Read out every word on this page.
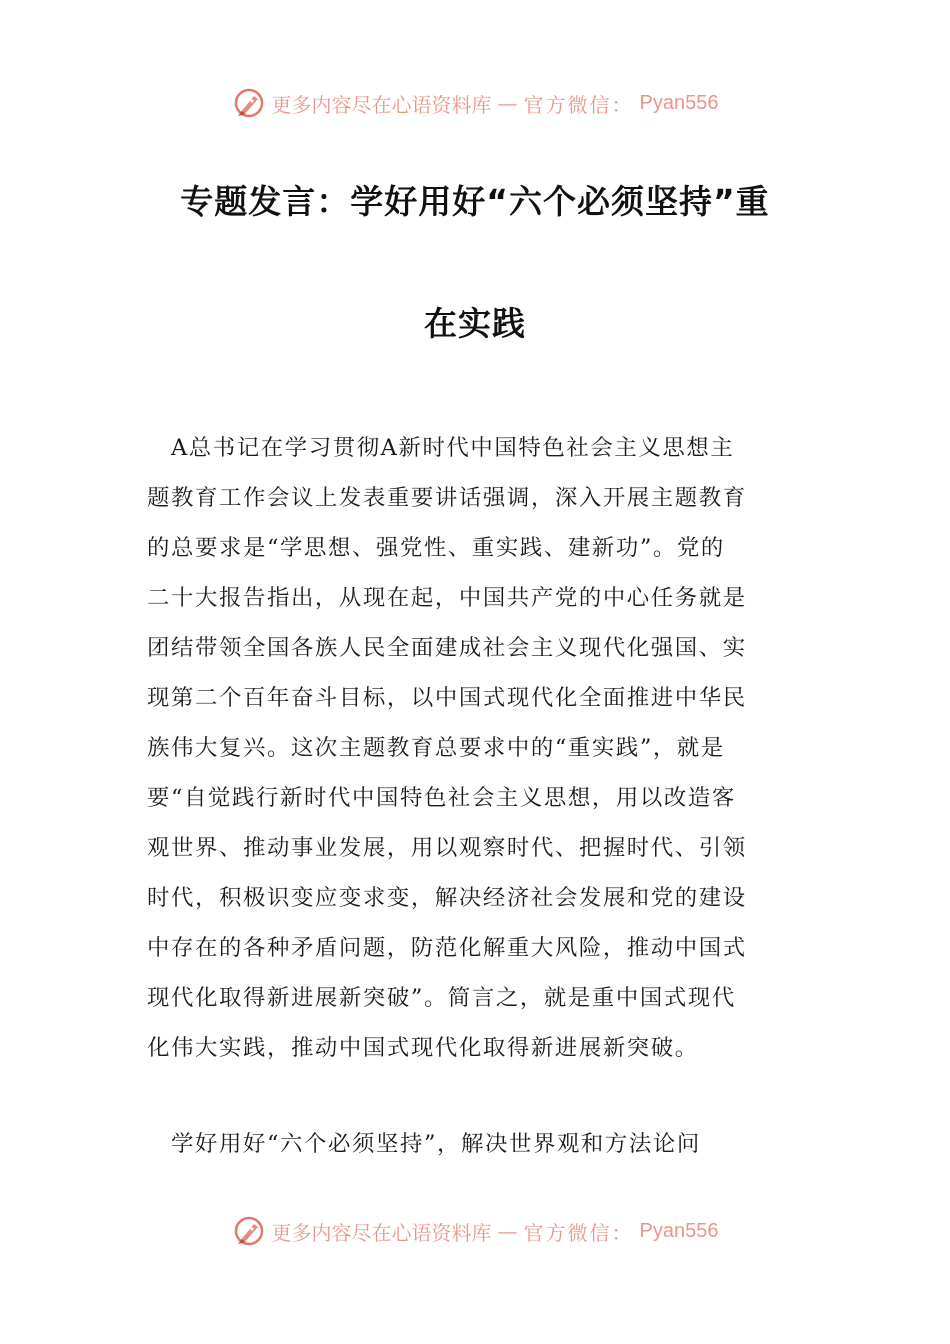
更多内容尽在心语资料库 — 官方微信： Pyan556
专题发言：学好用好“六个必须坚持”重
在实践
　A总书记在学习贯彻A新时代中国特色社会主义思想主
题教育工作会议上发表重要讲话强调，深入开展主题教育
的总要求是“学思想、强党性、重实践、建新功”。党的
二十大报告指出，从现在起，中国共产党的中心任务就是
团结带领全国各族人民全面建成社会主义现代化强国、实
现第二个百年奋斗目标，以中国式现代化全面推进中华民
族伟大复兴。这次主题教育总要求中的“重实践”，就是
要“自觉践行新时代中国特色社会主义思想，用以改造客
观世界、推动事业发展，用以观察时代、把握时代、引领
时代，积极识变应变求变，解决经济社会发展和党的建设
中存在的各种矛盾问题，防范化解重大风险，推动中国式
现代化取得新进展新突破”。简言之，就是重中国式现代
化伟大实践，推动中国式现代化取得新进展新突破。
　学好用好“六个必须坚持”，解决世界观和方法论问
更多内容尽在心语资料库 — 官方微信： Pyan556
